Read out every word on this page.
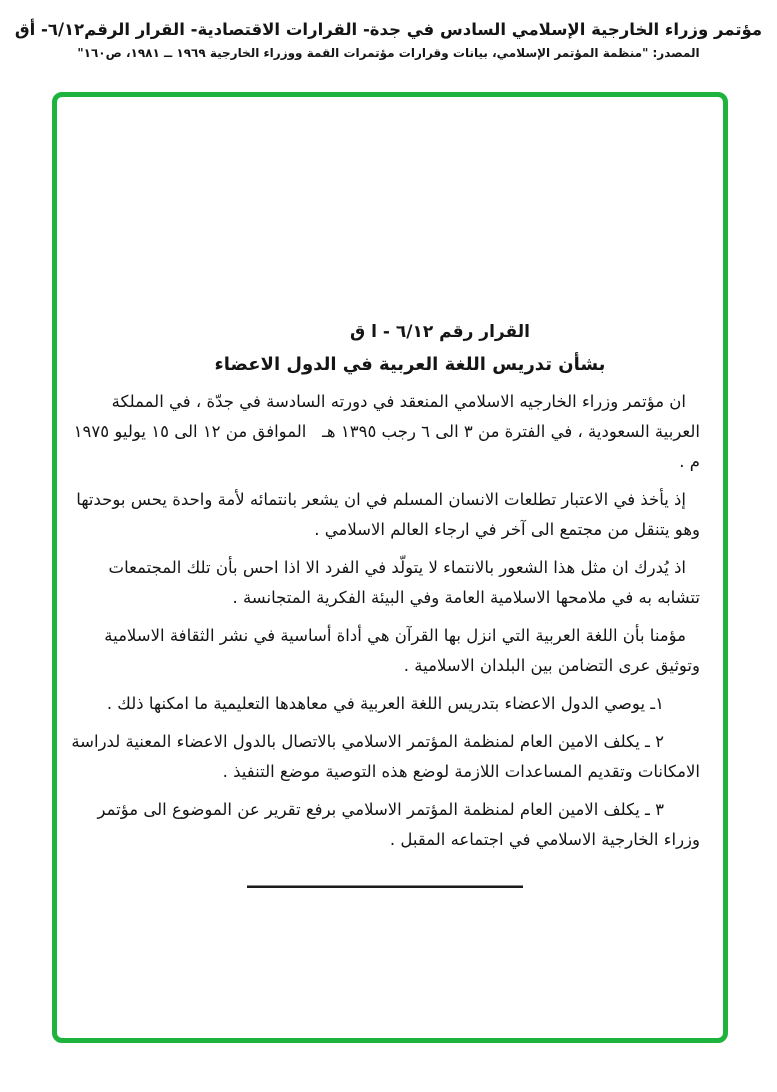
مؤتمر وزراء الخارجية الإسلامي السادس في جدة- القرارات الاقتصادية- القرار الرقم٦/١٢- أق
المصدر: "منظمة المؤتمر الإسلامي، بيانات وقرارات مؤتمرات القمة ووزراء الخارجية ١٩٦٩ ــ ١٩٨١، ص١٦٠"
القرار رقم ٦/١٢ - ا ق
بشأن تدريس اللغة العربية في الدول الاعضاء

ان مؤتمر وزراء الخارجيه الاسلامي المنعقد في دورته السادسة في جدّة ، في المملكة العربية السعودية ، في الفترة من ٣ الى ٦ رجب ١٣٩٥ هـ   الموافق من ١٢ الى ١٥ يوليو ١٩٧٥ م .

إذ يأخذ في الاعتبار تطلعات الانسان المسلم في ان يشعر بانتمائه لأمة واحدة يحس بوحدتها وهو يتنقل من مجتمع الى آخر في ارجاء العالم الاسلامي .

اذ يُدرك ان مثل هذا الشعور بالانتماء لا يتولّد في الفرد الا اذا احس بأن تلك المجتمعات تتشابه به في ملامحها الاسلامية العامة وفي البيئة الفكرية المتجانسة .

مؤمنا بأن اللغة العربية التي انزل بها القرآن هي أداة أساسية في نشر الثقافة الاسلامية وتوثيق عرى التضامن بين البلدان الاسلامية .

١ـ يوصي الدول الاعضاء بتدريس اللغة العربية في معاهدها التعليمية ما امكنها ذلك .

٢ ـ يكلف الامين العام لمنظمة المؤتمر الاسلامي بالاتصال بالدول الاعضاء المعنية لدراسة الامكانات وتقديم المساعدات اللازمة لوضع هذه التوصية موضع التنفيذ .

٣ ـ يكلف الامين العام لمنظمة المؤتمر الاسلامي برفع تقرير عن الموضوع الى مؤتمر وزراء الخارجية الاسلامي في اجتماعه المقبل .
